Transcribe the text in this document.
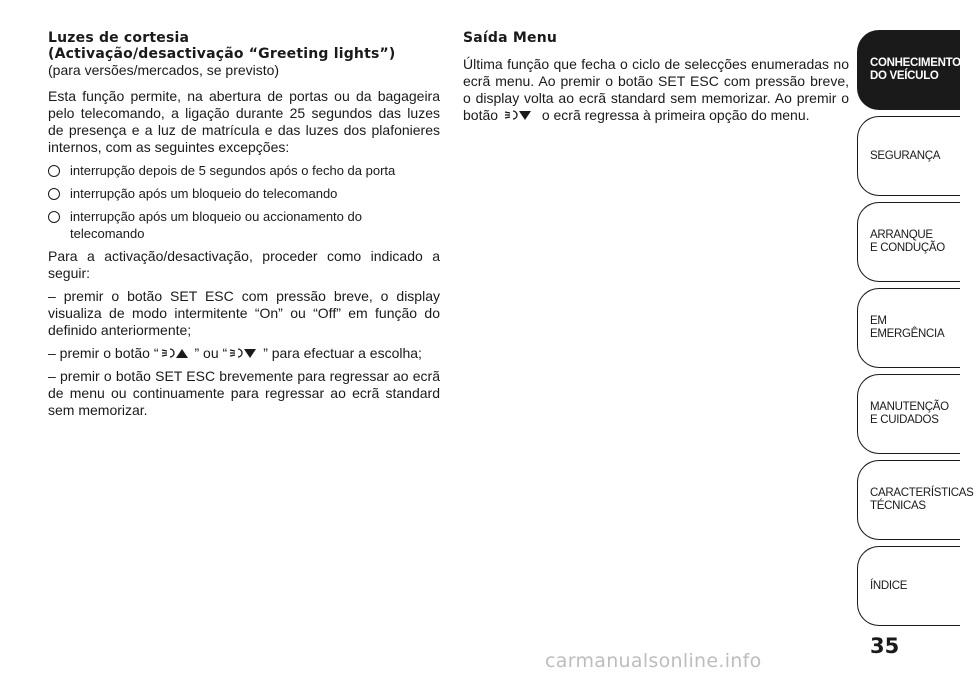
Luzes de cortesia
(Activação/desactivação “Greeting lights”)
(para versões/mercados, se previsto)

Esta função permite, na abertura de portas ou da bagageira pelo telecomando, a ligação durante 25 segundos das luzes de presença e a luz de matrícula e das luzes dos plafonieres internos, com as seguintes excepções:

interrupção depois de 5 segundos após o fecho da porta
interrupção após um bloqueio do telecomando
interrupção após um bloqueio ou accionamento do telecomando

Para a activação/desactivação, proceder como indicado a seguir:

– premir o botão SET ESC com pressão breve, o display visualiza de modo intermitente “On” ou “Off” em função do definido anteriormente;

– premir o botão “	” ou “	” para efectuar a escolha;

– premir o botão SET ESC brevemente para regressar ao ecrã de menu ou continuamente para regressar ao ecrã standard sem memorizar.

Saída Menu

Última função que fecha o ciclo de selecções enumeradas no ecrã menu. Ao premir o botão SET ESC com pressão breve, o display volta ao ecrã standard sem memorizar. Ao premir o botão	o ecrã regressa à primeira opção do menu.

CONHECIMENTO
DO VEÍCULO
SEGURANÇA
ARRANQUE
E CONDUÇÃO
EM EMERGÊNCIA
MANUTENÇÃO
E CUIDADOS
CARACTERÍSTICAS
TÉCNICAS
ÍNDICE
35
carmanualsonline.info
